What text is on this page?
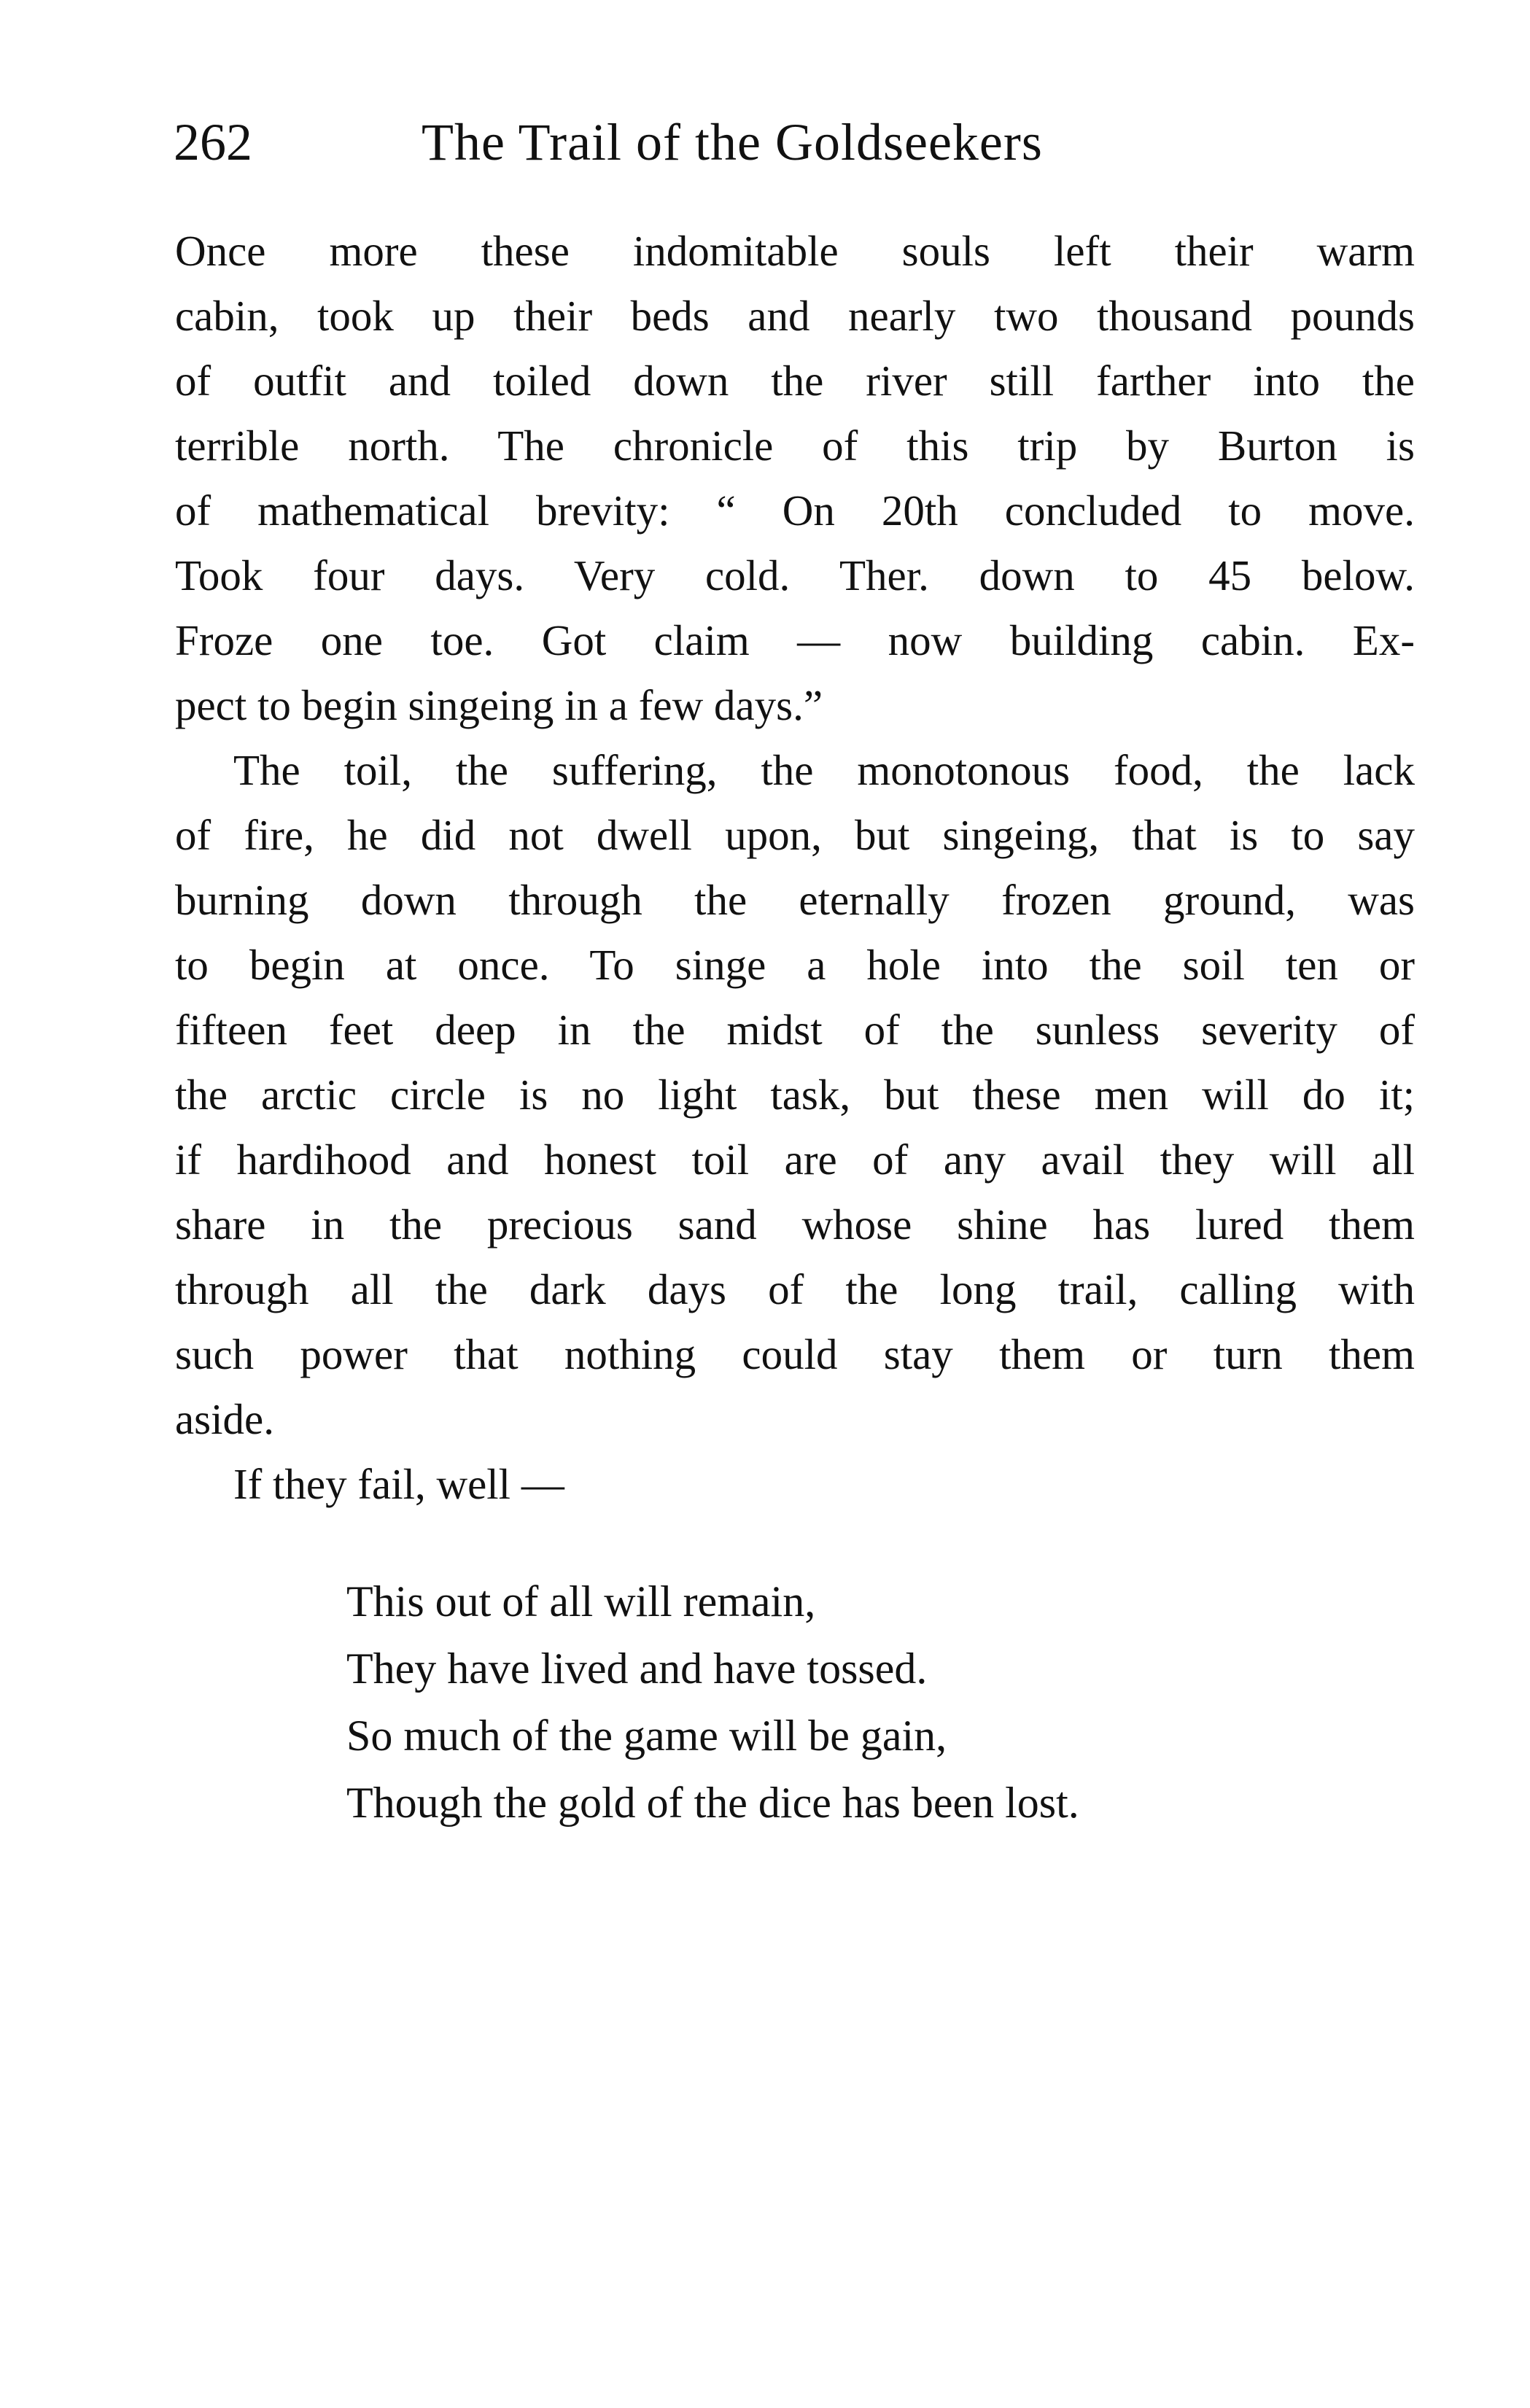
262	The Trail of the Goldseekers
Once more these indomitable souls left their warm
cabin, took up their beds and nearly two thousand pounds
of outfit and toiled down the river still farther into the
terrible north. The chronicle of this trip by Burton is
of mathematical brevity: “ On 20th concluded to move.
Took four days. Very cold. Ther. down to 45 below.
Froze one toe. Got claim — now building cabin. Ex-
pect to begin singeing in a few days.”
The toil, the suffering, the monotonous food, the lack
of fire, he did not dwell upon, but singeing, that is to say
burning down through the eternally frozen ground, was
to begin at once. To singe a hole into the soil ten or
fifteen feet deep in the midst of the sunless severity of
the arctic circle is no light task, but these men will do it;
if hardihood and honest toil are of any avail they will all
share in the precious sand whose shine has lured them
through all the dark days of the long trail, calling with
such power that nothing could stay them or turn them
aside.
If they fail, well —
This out of all will remain,
They have lived and have tossed.
So much of the game will be gain,
Though the gold of the dice has been lost.
